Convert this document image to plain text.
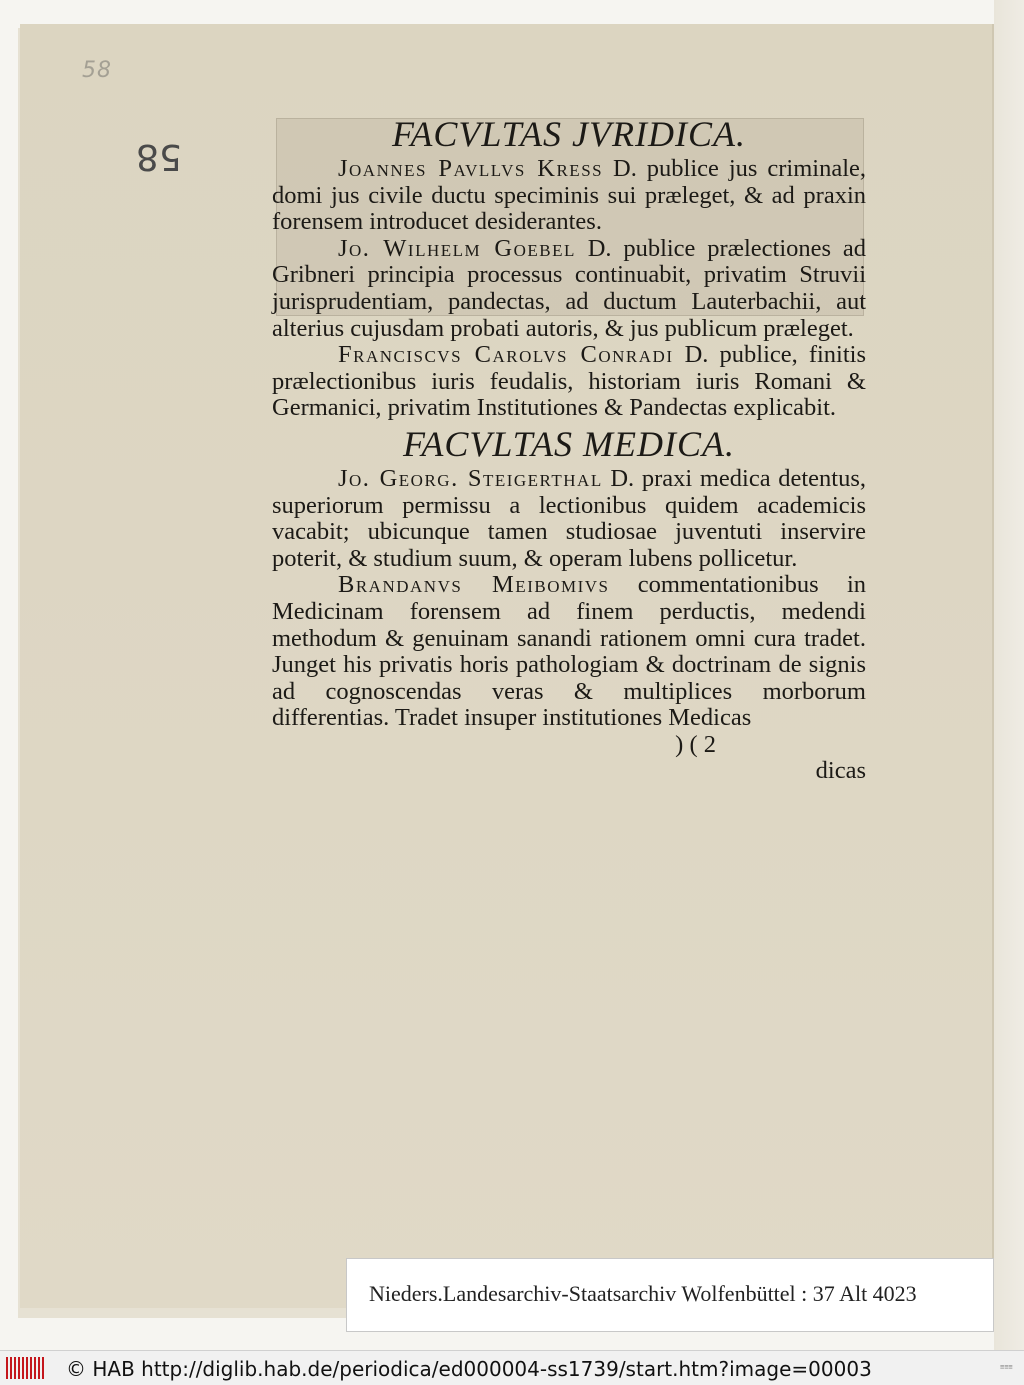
58
58

FACVLTAS JVRIDICA.

Joannes Pavllvs Kress D. publice jus criminale, domi jus civile ductu speciminis sui præleget, & ad praxin forensem introducet desiderantes.

Jo. Wilhelm Goebel D. publice prælectiones ad Gribneri principia processus continuabit, privatim Struvii jurisprudentiam, pandectas, ad ductum Lauterbachii, aut alterius cujusdam probati autoris, & jus publicum præleget.

Franciscvs Carolvs Conradi D. publice, finitis prælectionibus iuris feudalis, historiam iuris Romani & Germanici, privatim Institutiones & Pandectas explicabit.

FACVLTAS MEDICA.

Jo. Georg. Steigerthal D. praxi medica detentus, superiorum permissu a lectionibus quidem academicis vacabit; ubicunque tamen studiosae juventuti inservire poterit, & studium suum, & operam lubens pollicetur.

Brandanvs Meibomivs commentationibus in Medicinam forensem ad finem perductis, medendi methodum & genuinam sanandi rationem omni cura tradet. Junget his privatis horis pathologiam & doctrinam de signis ad cognoscendas veras & multiplices morborum differentias. Tradet insuper institutiones Medicas

) ( 2

dicas

Nieders.Landesarchiv-Staatsarchiv Wolfenbüttel : 37 Alt 4023
© HAB http://diglib.hab.de/periodica/ed000004-ss1739/start.htm?image=00003	≡≡≡
